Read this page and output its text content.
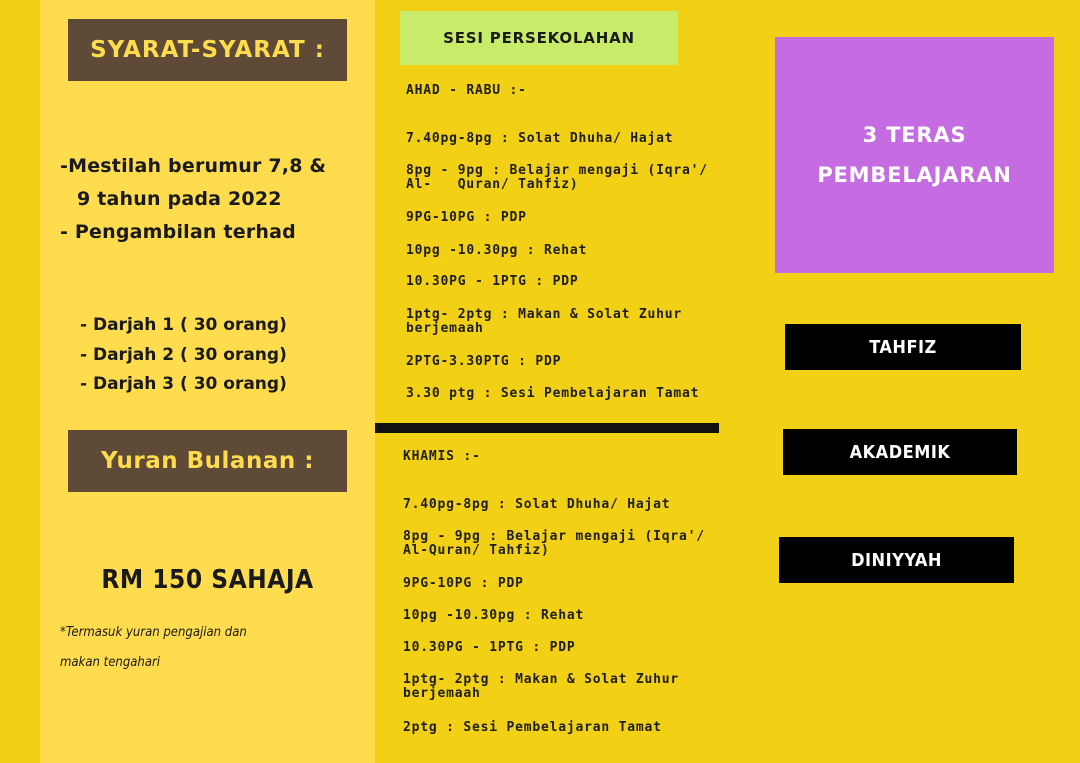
SYARAT-SYARAT :
-Mestilah berumur 7,8 &
9 tahun pada 2022
- Pengambilan terhad
- Darjah 1 ( 30 orang)
- Darjah 2 ( 30 orang)
- Darjah 3 ( 30 orang)
Yuran Bulanan :
RM 150 SAHAJA
*Termasuk yuran pengajian dan
makan tengahari
SESI PERSEKOLAHAN
AHAD - RABU :-
7.40pg-8pg : Solat Dhuha/ Hajat
8pg - 9pg : Belajar mengaji (Iqra'/
Al-   Quran/ Tahfiz)
9PG-10PG : PDP
10pg -10.30pg : Rehat
10.30PG - 1PTG : PDP
1ptg- 2ptg : Makan & Solat Zuhur
berjemaah
2PTG-3.30PTG : PDP
3.30 ptg : Sesi Pembelajaran Tamat
KHAMIS :-
7.40pg-8pg : Solat Dhuha/ Hajat
8pg - 9pg : Belajar mengaji (Iqra'/
Al-Quran/ Tahfiz)
9PG-10PG : PDP
10pg -10.30pg : Rehat
10.30PG - 1PTG : PDP
1ptg- 2ptg : Makan & Solat Zuhur
berjemaah
2ptg : Sesi Pembelajaran Tamat
3 TERAS
PEMBELAJARAN
TAHFIZ
AKADEMIK
DINIYYAH
